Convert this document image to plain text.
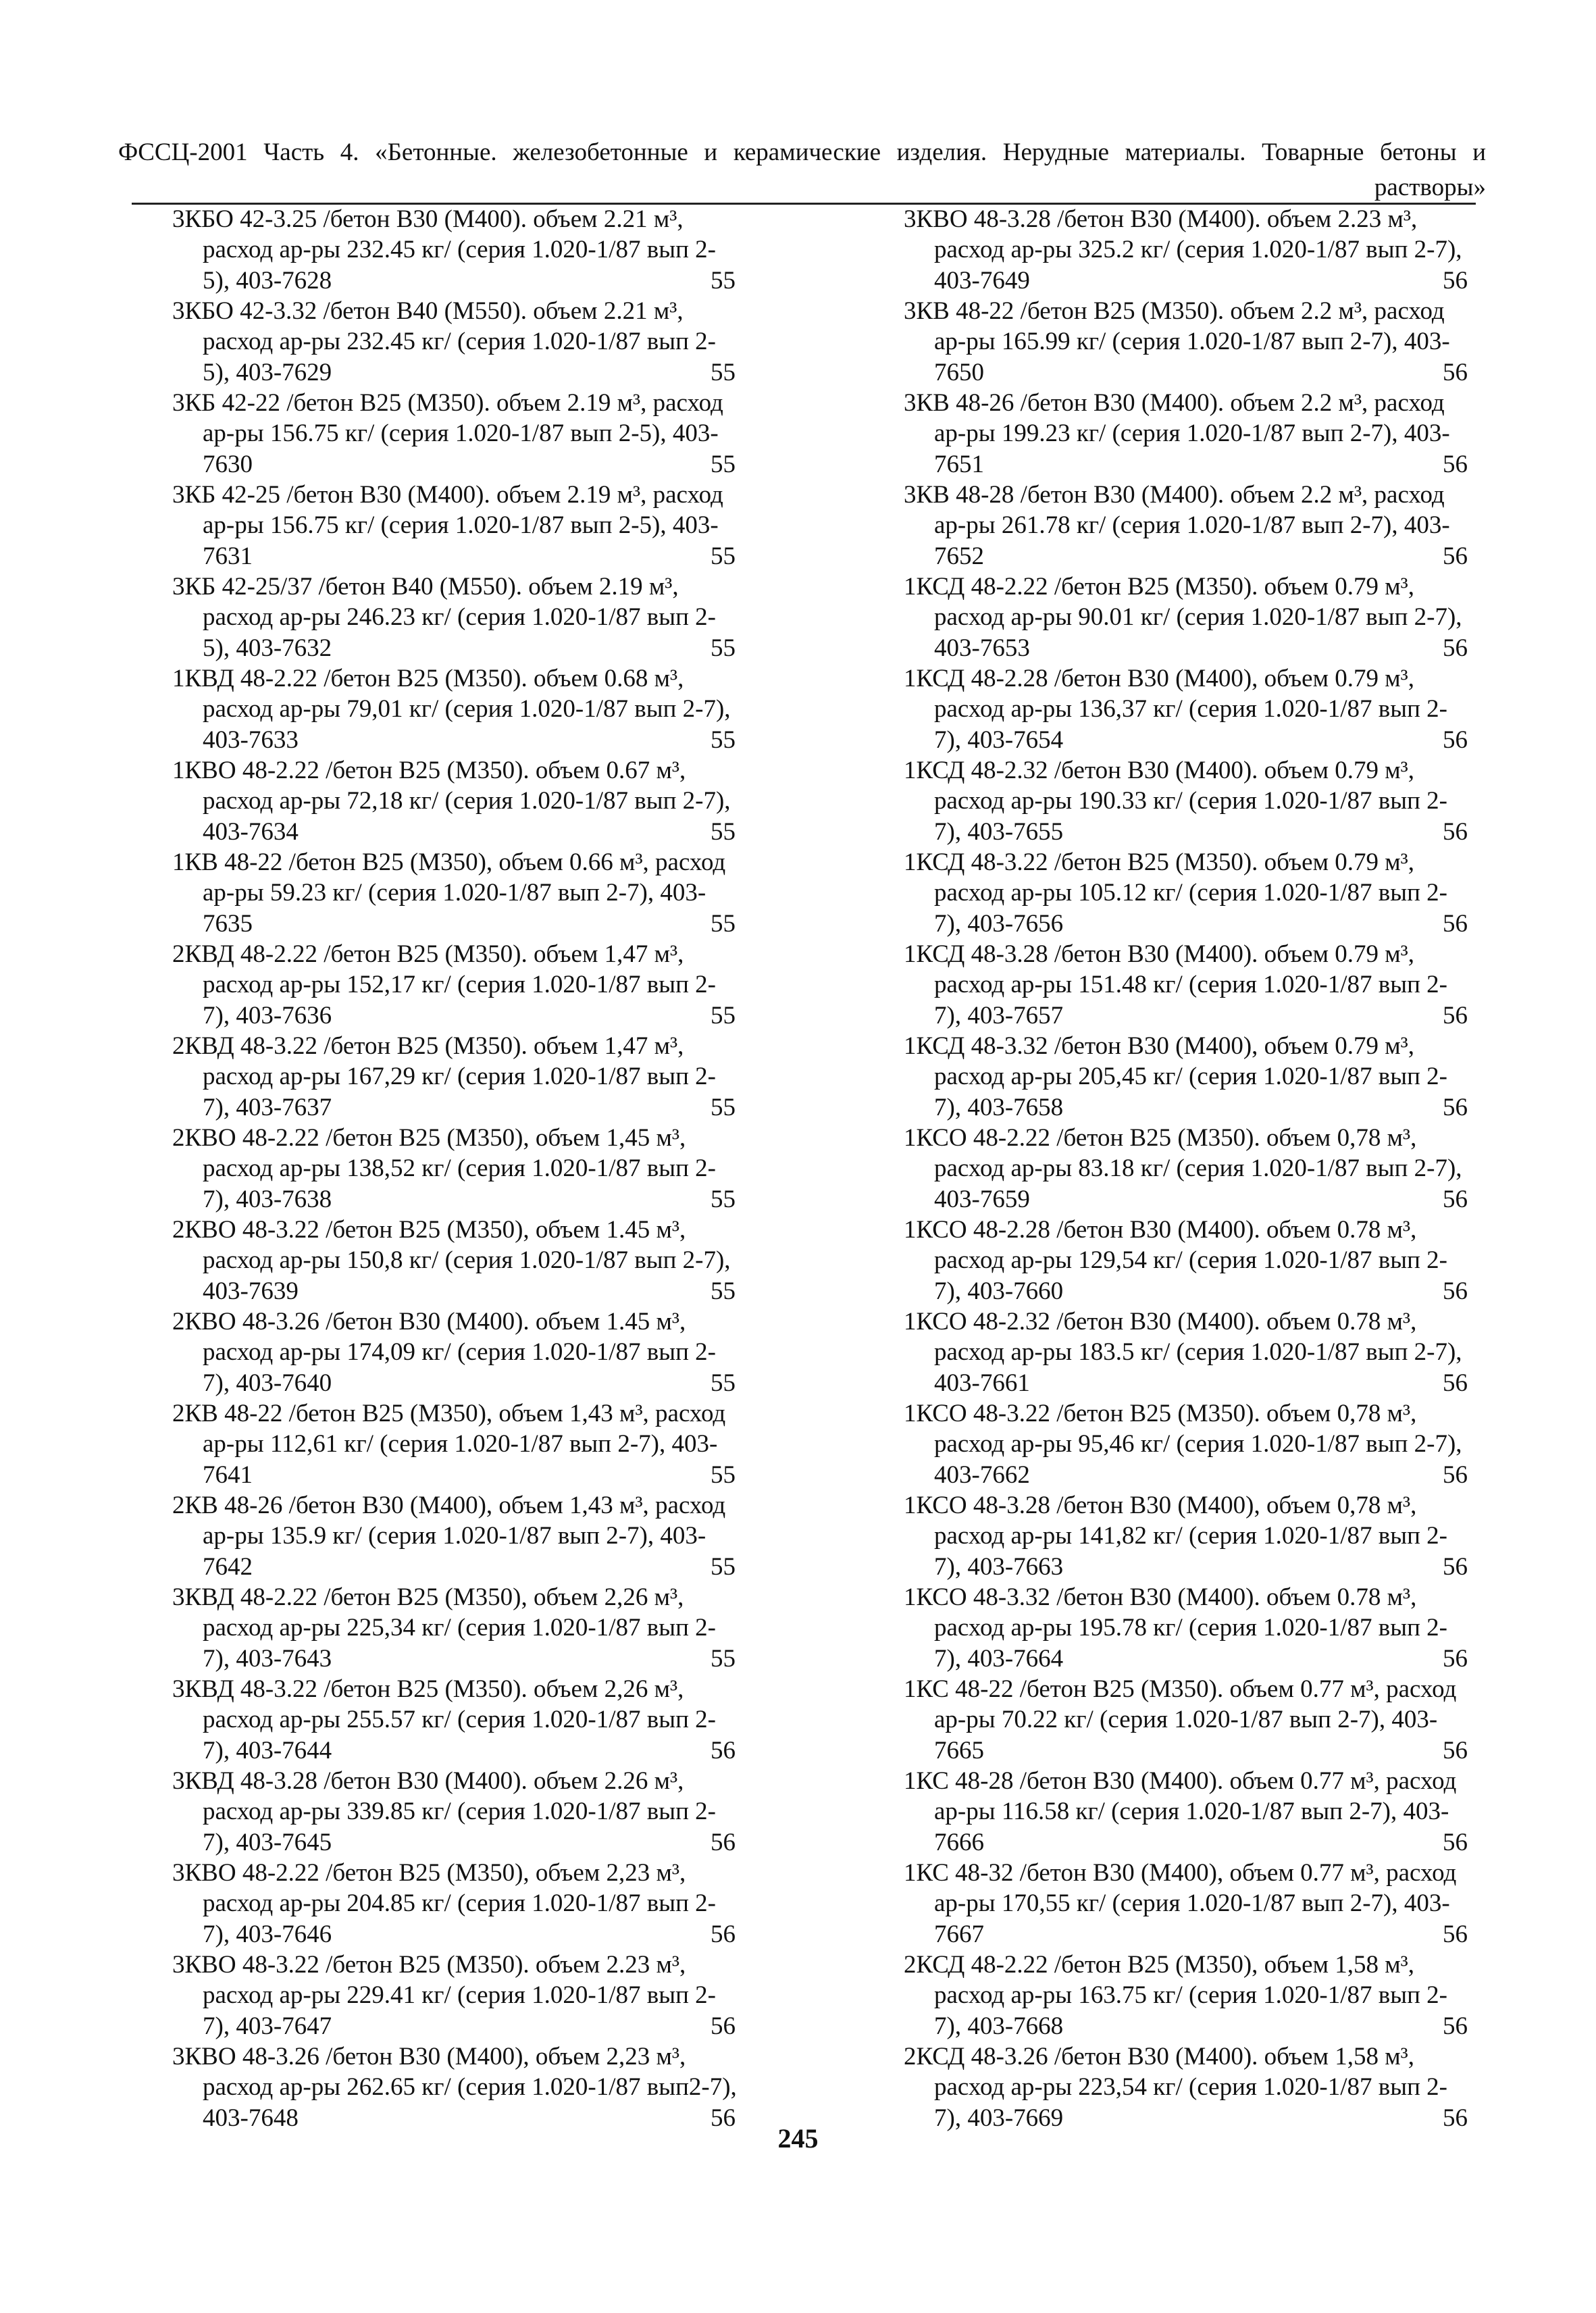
ФССЦ-2001 Часть 4. «Бетонные. железобетонные и керамические изделия. Нерудные материалы. Товарные бетоны и растворы»
55
3КБО 42-3.25 /бетон В30 (М400). объем 2.21 м³, расход ар-ры 232.45 кг/ (серия 1.020-1/87 вып 2-5), 403-7628
55
3КБО 42-3.32 /бетон В40 (М550). объем 2.21 м³, расход ар-ры 232.45 кг/ (серия 1.020-1/87 вып 2-5), 403-7629
55
3КБ 42-22 /бетон В25 (М350). объем 2.19 м³, расход ар-ры 156.75 кг/ (серия 1.020-1/87 вып 2-5), 403-7630
55
3КБ 42-25 /бетон В30 (М400). объем 2.19 м³, расход ар-ры 156.75 кг/ (серия 1.020-1/87 вып 2-5), 403-7631
55
3КБ 42-25/37 /бетон В40 (М550). объем 2.19 м³, расход ар-ры 246.23 кг/ (серия 1.020-1/87 вып 2-5), 403-7632
55
1КВД 48-2.22 /бетон В25 (М350). объем 0.68 м³, расход ар-ры 79,01 кг/ (серия 1.020-1/87 вып 2-7), 403-7633
55
1КВО 48-2.22 /бетон В25 (М350). объем 0.67 м³, расход ар-ры 72,18 кг/ (серия 1.020-1/87 вып 2-7), 403-7634
55
1КВ 48-22 /бетон В25 (М350), объем 0.66 м³, расход ар-ры 59.23 кг/ (серия 1.020-1/87 вып 2-7), 403-7635
55
2КВД 48-2.22 /бетон В25 (М350). объем 1,47 м³, расход ар-ры 152,17 кг/ (серия 1.020-1/87 вып 2-7), 403-7636
55
2КВД 48-3.22 /бетон В25 (М350). объем 1,47 м³, расход ар-ры 167,29 кг/ (серия 1.020-1/87 вып 2-7), 403-7637
55
2КВО 48-2.22 /бетон В25 (М350), объем 1,45 м³, расход ар-ры 138,52 кг/ (серия 1.020-1/87 вып 2-7), 403-7638
55
2КВО 48-3.22 /бетон В25 (М350), объем 1.45 м³, расход ар-ры 150,8 кг/ (серия 1.020-1/87 вып 2-7), 403-7639
55
2КВО 48-3.26 /бетон В30 (М400). объем 1.45 м³, расход ар-ры 174,09 кг/ (серия 1.020-1/87 вып 2-7), 403-7640
55
2КВ 48-22 /бетон В25 (М350), объем 1,43 м³, расход ар-ры 112,61 кг/ (серия 1.020-1/87 вып 2-7), 403-7641
55
2КВ 48-26 /бетон В30 (М400), объем 1,43 м³, расход ар-ры 135.9 кг/ (серия 1.020-1/87 вып 2-7), 403-7642
55
3КВД 48-2.22 /бетон В25 (М350), объем 2,26 м³, расход ар-ры 225,34 кг/ (серия 1.020-1/87 вып 2-7), 403-7643
56
3КВД 48-3.22 /бетон В25 (М350). объем 2,26 м³, расход ар-ры 255.57 кг/ (серия 1.020-1/87 вып 2-7), 403-7644
56
3КВД 48-3.28 /бетон В30 (М400). объем 2.26 м³, расход ар-ры 339.85 кг/ (серия 1.020-1/87 вып 2-7), 403-7645
56
3КВО 48-2.22 /бетон В25 (М350), объем 2,23 м³, расход ар-ры 204.85 кг/ (серия 1.020-1/87 вып 2-7), 403-7646
56
3КВО 48-3.22 /бетон В25 (М350). объем 2.23 м³, расход ар-ры 229.41 кг/ (серия 1.020-1/87 вып 2-7), 403-7647
56
3КВО 48-3.26 /бетон В30 (М400), объем 2,23 м³, расход ар-ры 262.65 кг/ (серия 1.020-1/87 вып2-7), 403-7648
56
3КВО 48-3.28 /бетон В30 (М400). объем 2.23 м³, расход ар-ры 325.2 кг/ (серия 1.020-1/87 вып 2-7), 403-7649
56
3КВ 48-22 /бетон В25 (М350). объем 2.2 м³, расход ар-ры 165.99 кг/ (серия 1.020-1/87 вып 2-7), 403-7650
56
3КВ 48-26 /бетон В30 (М400). объем 2.2 м³, расход ар-ры 199.23 кг/ (серия 1.020-1/87 вып 2-7), 403-7651
56
3КВ 48-28 /бетон В30 (М400). объем 2.2 м³, расход ар-ры 261.78 кг/ (серия 1.020-1/87 вып 2-7), 403-7652
56
1КСД 48-2.22 /бетон В25 (М350). объем 0.79 м³, расход ар-ры 90.01 кг/ (серия 1.020-1/87 вып 2-7), 403-7653
56
1КСД 48-2.28 /бетон В30 (М400), объем 0.79 м³, расход ар-ры 136,37 кг/ (серия 1.020-1/87 вып 2-7), 403-7654
56
1КСД 48-2.32 /бетон В30 (М400). объем 0.79 м³, расход ар-ры 190.33 кг/ (серия 1.020-1/87 вып 2-7), 403-7655
56
1КСД 48-3.22 /бетон В25 (М350). объем 0.79 м³, расход ар-ры 105.12 кг/ (серия 1.020-1/87 вып 2-7), 403-7656
56
1КСД 48-3.28 /бетон В30 (М400). объем 0.79 м³, расход ар-ры 151.48 кг/ (серия 1.020-1/87 вып 2-7), 403-7657
56
1КСД 48-3.32 /бетон В30 (М400), объем 0.79 м³, расход ар-ры 205,45 кг/ (серия 1.020-1/87 вып 2-7), 403-7658
56
1КСО 48-2.22 /бетон В25 (М350). объем 0,78 м³, расход ар-ры 83.18 кг/ (серия 1.020-1/87 вып 2-7), 403-7659
56
1КСО 48-2.28 /бетон В30 (М400). объем 0.78 м³, расход ар-ры 129,54 кг/ (серия 1.020-1/87 вып 2-7), 403-7660
56
1КСО 48-2.32 /бетон В30 (М400). объем 0.78 м³, расход ар-ры 183.5 кг/ (серия 1.020-1/87 вып 2-7), 403-7661
56
1КСО 48-3.22 /бетон В25 (М350). объем 0,78 м³, расход ар-ры 95,46 кг/ (серия 1.020-1/87 вып 2-7), 403-7662
56
1КСО 48-3.28 /бетон В30 (М400), объем 0,78 м³, расход ар-ры 141,82 кг/ (серия 1.020-1/87 вып 2-7), 403-7663
56
1КСО 48-3.32 /бетон В30 (М400). объем 0.78 м³, расход ар-ры 195.78 кг/ (серия 1.020-1/87 вып 2-7), 403-7664
56
1КС 48-22 /бетон В25 (М350). объем 0.77 м³, расход ар-ры 70.22 кг/ (серия 1.020-1/87 вып 2-7), 403-7665
56
1КС 48-28 /бетон В30 (М400). объем 0.77 м³, расход ар-ры 116.58 кг/ (серия 1.020-1/87 вып 2-7), 403-7666
56
1КС 48-32 /бетон В30 (М400), объем 0.77 м³, расход ар-ры 170,55 кг/ (серия 1.020-1/87 вып 2-7), 403-7667
56
2КСД 48-2.22 /бетон В25 (М350), объем 1,58 м³, расход ар-ры 163.75 кг/ (серия 1.020-1/87 вып 2-7), 403-7668
56
2КСД 48-3.26 /бетон В30 (М400). объем 1,58 м³, расход ар-ры 223,54 кг/ (серия 1.020-1/87 вып 2-7), 403-7669
245
